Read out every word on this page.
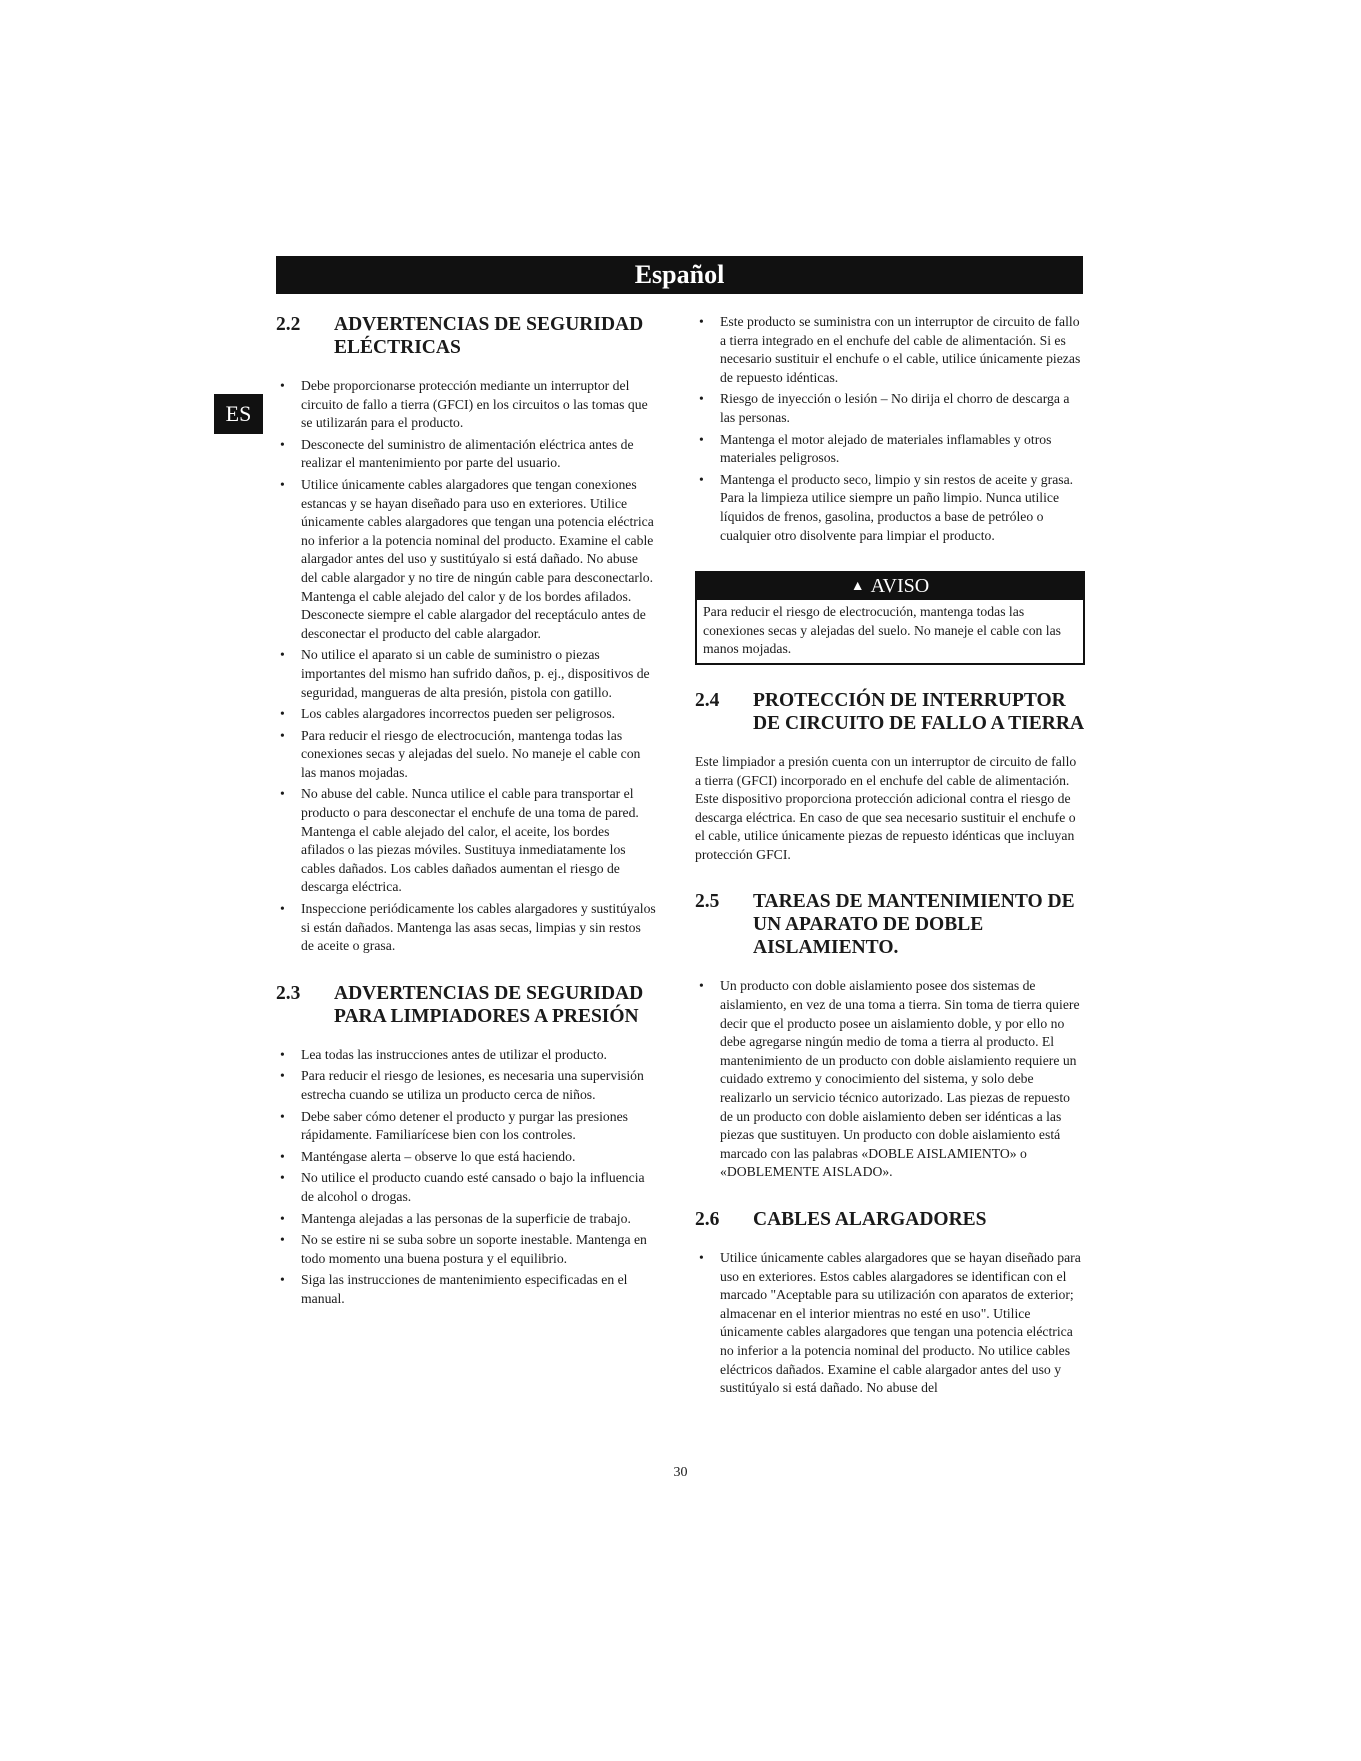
Español
ES
2.2	ADVERTENCIAS DE SEGURIDAD ELÉCTRICAS
• Debe proporcionarse protección mediante un interruptor del circuito de fallo a tierra (GFCI) en los circuitos o las tomas que se utilizarán para el producto.
• Desconecte del suministro de alimentación eléctrica antes de realizar el mantenimiento por parte del usuario.
• Utilice únicamente cables alargadores que tengan conexiones estancas y se hayan diseñado para uso en exteriores. Utilice únicamente cables alargadores que tengan una potencia eléctrica no inferior a la potencia nominal del producto. Examine el cable alargador antes del uso y sustitúyalo si está dañado. No abuse del cable alargador y no tire de ningún cable para desconectarlo. Mantenga el cable alejado del calor y de los bordes afilados. Desconecte siempre el cable alargador del receptáculo antes de desconectar el producto del cable alargador.
• No utilice el aparato si un cable de suministro o piezas importantes del mismo han sufrido daños, p. ej., dispositivos de seguridad, mangueras de alta presión, pistola con gatillo.
• Los cables alargadores incorrectos pueden ser peligrosos.
• Para reducir el riesgo de electrocución, mantenga todas las conexiones secas y alejadas del suelo. No maneje el cable con las manos mojadas.
• No abuse del cable. Nunca utilice el cable para transportar el producto o para desconectar el enchufe de una toma de pared. Mantenga el cable alejado del calor, el aceite, los bordes afilados o las piezas móviles. Sustituya inmediatamente los cables dañados. Los cables dañados aumentan el riesgo de descarga eléctrica.
• Inspeccione periódicamente los cables alargadores y sustitúyalos si están dañados. Mantenga las asas secas, limpias y sin restos de aceite o grasa.
2.3	ADVERTENCIAS DE SEGURIDAD PARA LIMPIADORES A PRESIÓN
• Lea todas las instrucciones antes de utilizar el producto.
• Para reducir el riesgo de lesiones, es necesaria una supervisión estrecha cuando se utiliza un producto cerca de niños.
• Debe saber cómo detener el producto y purgar las presiones rápidamente. Familiarícese bien con los controles.
• Manténgase alerta – observe lo que está haciendo.
• No utilice el producto cuando esté cansado o bajo la influencia de alcohol o drogas.
• Mantenga alejadas a las personas de la superficie de trabajo.
• No se estire ni se suba sobre un soporte inestable. Mantenga en todo momento una buena postura y el equilibrio.
• Siga las instrucciones de mantenimiento especificadas en el manual.
• Este producto se suministra con un interruptor de circuito de fallo a tierra integrado en el enchufe del cable de alimentación. Si es necesario sustituir el enchufe o el cable, utilice únicamente piezas de repuesto idénticas.
• Riesgo de inyección o lesión – No dirija el chorro de descarga a las personas.
• Mantenga el motor alejado de materiales inflamables y otros materiales peligrosos.
• Mantenga el producto seco, limpio y sin restos de aceite y grasa. Para la limpieza utilice siempre un paño limpio. Nunca utilice líquidos de frenos, gasolina, productos a base de petróleo o cualquier otro disolvente para limpiar el producto.
▲ AVISO
Para reducir el riesgo de electrocución, mantenga todas las conexiones secas y alejadas del suelo. No maneje el cable con las manos mojadas.
2.4	PROTECCIÓN DE INTERRUPTOR DE CIRCUITO DE FALLO A TIERRA

Este limpiador a presión cuenta con un interruptor de circuito de fallo a tierra (GFCI) incorporado en el enchufe del cable de alimentación. Este dispositivo proporciona protección adicional contra el riesgo de descarga eléctrica. En caso de que sea necesario sustituir el enchufe o el cable, utilice únicamente piezas de repuesto idénticas que incluyan protección GFCI.

2.5	TAREAS DE MANTENIMIENTO DE UN APARATO DE DOBLE AISLAMIENTO.
• Un producto con doble aislamiento posee dos sistemas de aislamiento, en vez de una toma a tierra. Sin toma de tierra quiere decir que el producto posee un aislamiento doble, y por ello no debe agregarse ningún medio de toma a tierra al producto. El mantenimiento de un producto con doble aislamiento requiere un cuidado extremo y conocimiento del sistema, y solo debe realizarlo un servicio técnico autorizado. Las piezas de repuesto de un producto con doble aislamiento deben ser idénticas a las piezas que sustituyen. Un producto con doble aislamiento está marcado con las palabras «DOBLE AISLAMIENTO» o «DOBLEMENTE AISLADO».
2.6	CABLES ALARGADORES
• Utilice únicamente cables alargadores que se hayan diseñado para uso en exteriores. Estos cables alargadores se identifican con el marcado "Aceptable para su utilización con aparatos de exterior; almacenar en el interior mientras no esté en uso". Utilice únicamente cables alargadores que tengan una potencia eléctrica no inferior a la potencia nominal del producto. No utilice cables eléctricos dañados. Examine el cable alargador antes del uso y sustitúyalo si está dañado. No abuse del
30
